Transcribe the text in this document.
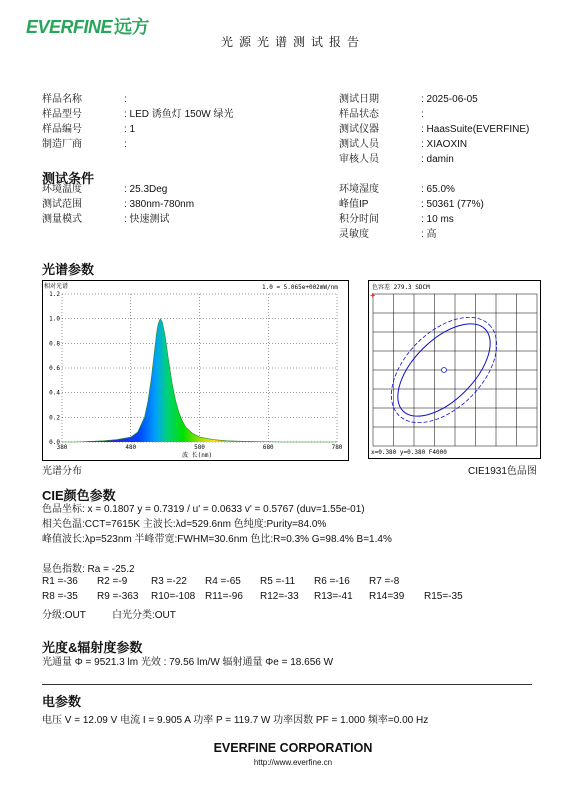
EVERFINE 远方
光源光谱测试报告
样品名称	:
样品型号	: LED 诱鱼灯 150W 绿光
样品编号	: 1
制造厂商	:
测试日期	: 2025-06-05
样品状态	:
测试仪器	: HaasSuite(EVERFINE)
测试人员	: XIAOXIN
审核人员	: damin
测试条件
环境温度	: 25.3Deg
测试范围	: 380nm-780nm
测量模式	: 快速测试
环境湿度	: 65.0%
峰值IP	: 50361 (77%)
积分时间	: 10 ms
灵敏度	: 高
光谱参数
相对光谱	1.0 = 5.065e+002mW/nm
0.0
0.2
0.4
0.6
0.8
1.0
1.2
380	480	580	680	780
波 长(nm)
光谱分布
色容差 279.3 SDCM
+
x=0.380 y=0.380 F4000
CIE1931色品图
CIE颜色参数
色品坐标: x = 0.1807 y = 0.7319 / u' = 0.0633 v' = 0.5767 (duv=1.55e-01)
相关色温:CCT=7615K 主波长:λd=529.6nm 色纯度:Purity=84.0%
峰值波长:λp=523nm 半峰带宽:FWHM=30.6nm 色比:R=0.3% G=98.4% B=1.4%
显色指数: Ra = -25.2
R1 =-36 R2 =-9 R3 =-22 R4 =-65 R5 =-11 R6 =-16 R7 =-8
R8 =-35 R9 =-363 R10=-108 R11=-96 R12=-33 R13=-41 R14=39 R15=-35
分级:OUT	白光分类:OUT
光度&辐射度参数
光通量 Φ = 9521.3 lm 光效 : 79.56 lm/W 辐射通量 Φe = 18.656 W
电参数
电压 V = 12.09 V 电流 I = 9.905 A 功率 P = 119.7 W 功率因数 PF = 1.000 频率=0.00 Hz
EVERFINE CORPORATION
http://www.everfine.cn
